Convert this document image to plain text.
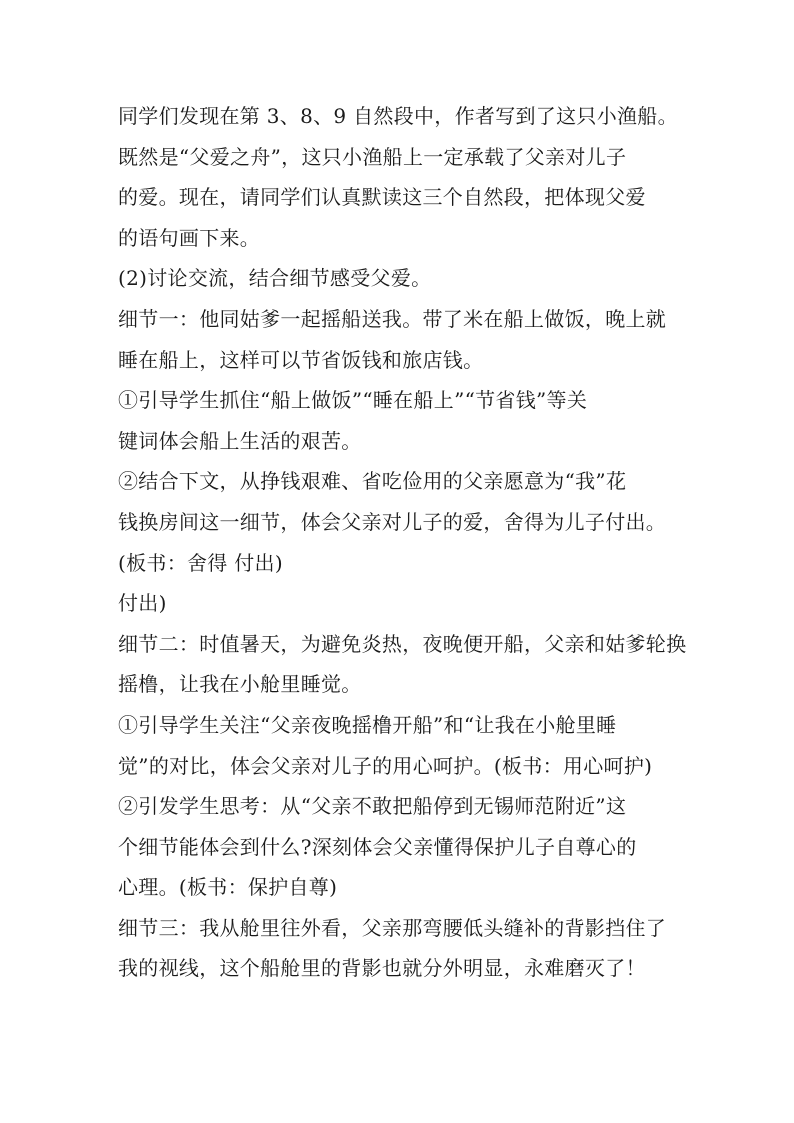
同学们发现在第 3、8、9 自然段中，作者写到了这只小渔船。
既然是“父爱之舟”，这只小渔船上一定承载了父亲对儿子
的爱。现在，请同学们认真默读这三个自然段，把体现父爱
的语句画下来。
(2)讨论交流，结合细节感受父爱。
细节一：他同姑爹一起摇船送我。带了米在船上做饭，晚上就
睡在船上，这样可以节省饭钱和旅店钱。
①引导学生抓住“船上做饭”“睡在船上”“节省钱”等关
键词体会船上生活的艰苦。
②结合下文，从挣钱艰难、省吃俭用的父亲愿意为“我”花
钱换房间这一细节，体会父亲对儿子的爱，舍得为儿子付出。
(板书：舍得 付出)
付出)
细节二：时值暑天，为避免炎热，夜晚便开船，父亲和姑爹轮换
摇橹，让我在小舱里睡觉。
①引导学生关注“父亲夜晚摇橹开船”和“让我在小舱里睡
觉”的对比，体会父亲对儿子的用心呵护。(板书：用心呵护)
②引发学生思考：从“父亲不敢把船停到无锡师范附近”这
个细节能体会到什么?深刻体会父亲懂得保护儿子自尊心的
心理。(板书：保护自尊)
细节三：我从舱里往外看，父亲那弯腰低头缝补的背影挡住了
我的视线，这个船舱里的背影也就分外明显，永难磨灭了！
